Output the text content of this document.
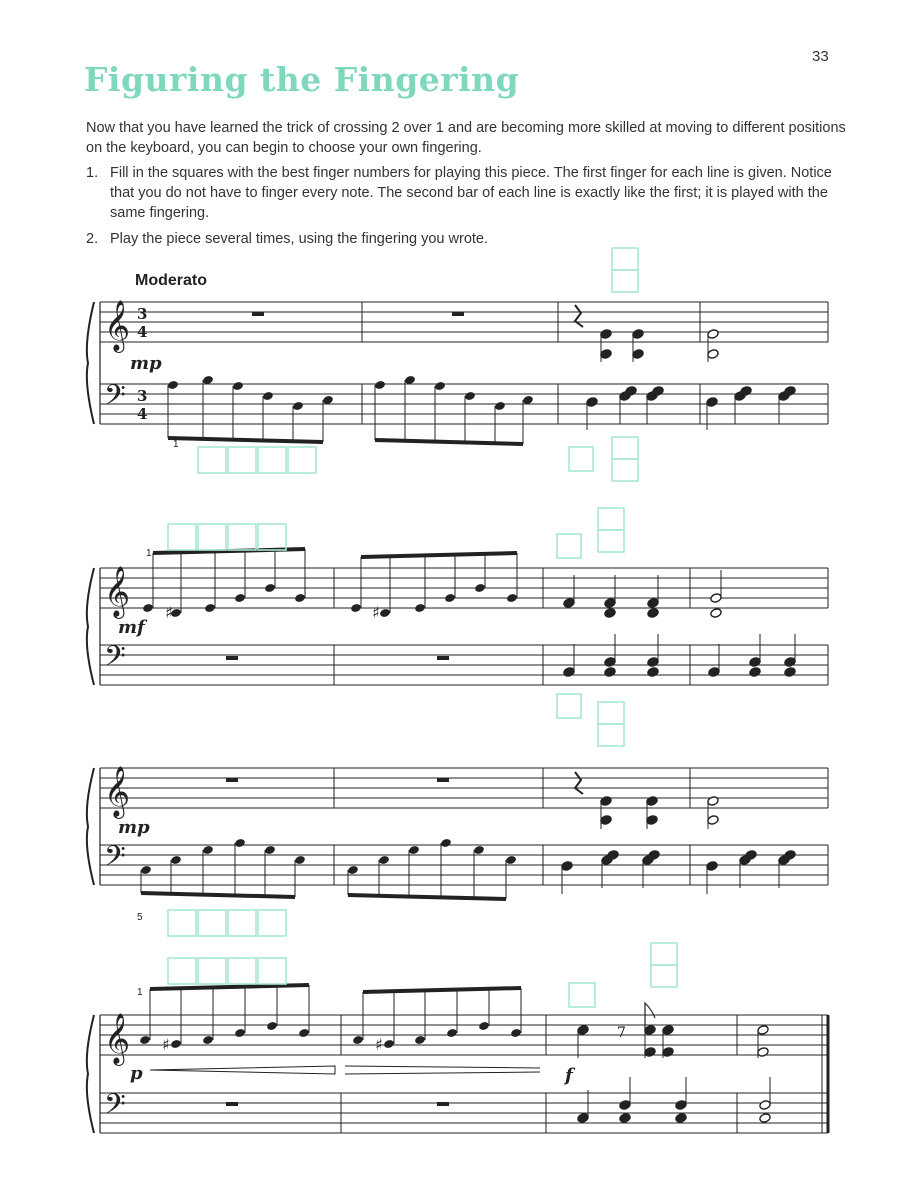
33
Figuring the Fingering

Now that you have learned the trick of crossing 2 over 1 and are becoming more skilled at moving to different positions on the keyboard, you can begin to choose your own fingering.

1. Fill in the squares with the best finger numbers for playing this piece. The first finger for each line is given. Notice that you do not have to finger every note. The second bar of each line is exactly like the first; it is played with the same fingering.
2. Play the piece several times, using the fingering you wrote.
Moderato
𝄞
𝄢
𝄞
𝄢
𝄞
𝄢
𝄞
𝄢
♯	♯
♯	♯
7
mp
mf
mp
p	f
1
1
5
1
3
4
3
4
